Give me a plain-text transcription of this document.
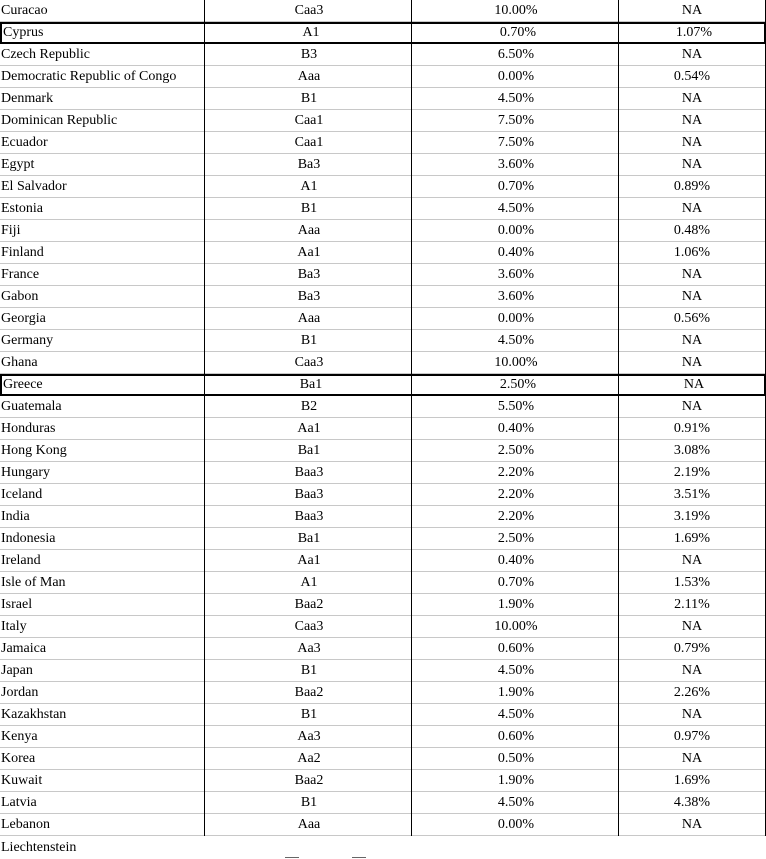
Curacao	Caa3	10.00%	NA
Cyprus	A1	0.70%	1.07%
Czech Republic	B3	6.50%	NA
Democratic Republic of Congo	Aaa	0.00%	0.54%
Denmark	B1	4.50%	NA
Dominican Republic	Caa1	7.50%	NA
Ecuador	Caa1	7.50%	NA
Egypt	Ba3	3.60%	NA
El Salvador	A1	0.70%	0.89%
Estonia	B1	4.50%	NA
Fiji	Aaa	0.00%	0.48%
Finland	Aa1	0.40%	1.06%
France	Ba3	3.60%	NA
Gabon	Ba3	3.60%	NA
Georgia	Aaa	0.00%	0.56%
Germany	B1	4.50%	NA
Ghana	Caa3	10.00%	NA
Greece	Ba1	2.50%	NA
Guatemala	B2	5.50%	NA
Honduras	Aa1	0.40%	0.91%
Hong Kong	Ba1	2.50%	3.08%
Hungary	Baa3	2.20%	2.19%
Iceland	Baa3	2.20%	3.51%
India	Baa3	2.20%	3.19%
Indonesia	Ba1	2.50%	1.69%
Ireland	Aa1	0.40%	NA
Isle of Man	A1	0.70%	1.53%
Israel	Baa2	1.90%	2.11%
Italy	Caa3	10.00%	NA
Jamaica	Aa3	0.60%	0.79%
Japan	B1	4.50%	NA
Jordan	Baa2	1.90%	2.26%
Kazakhstan	B1	4.50%	NA
Kenya	Aa3	0.60%	0.97%
Korea	Aa2	0.50%	NA
Kuwait	Baa2	1.90%	1.69%
Latvia	B1	4.50%	4.38%
Lebanon	Aaa	0.00%	NA
Liechtenstein
